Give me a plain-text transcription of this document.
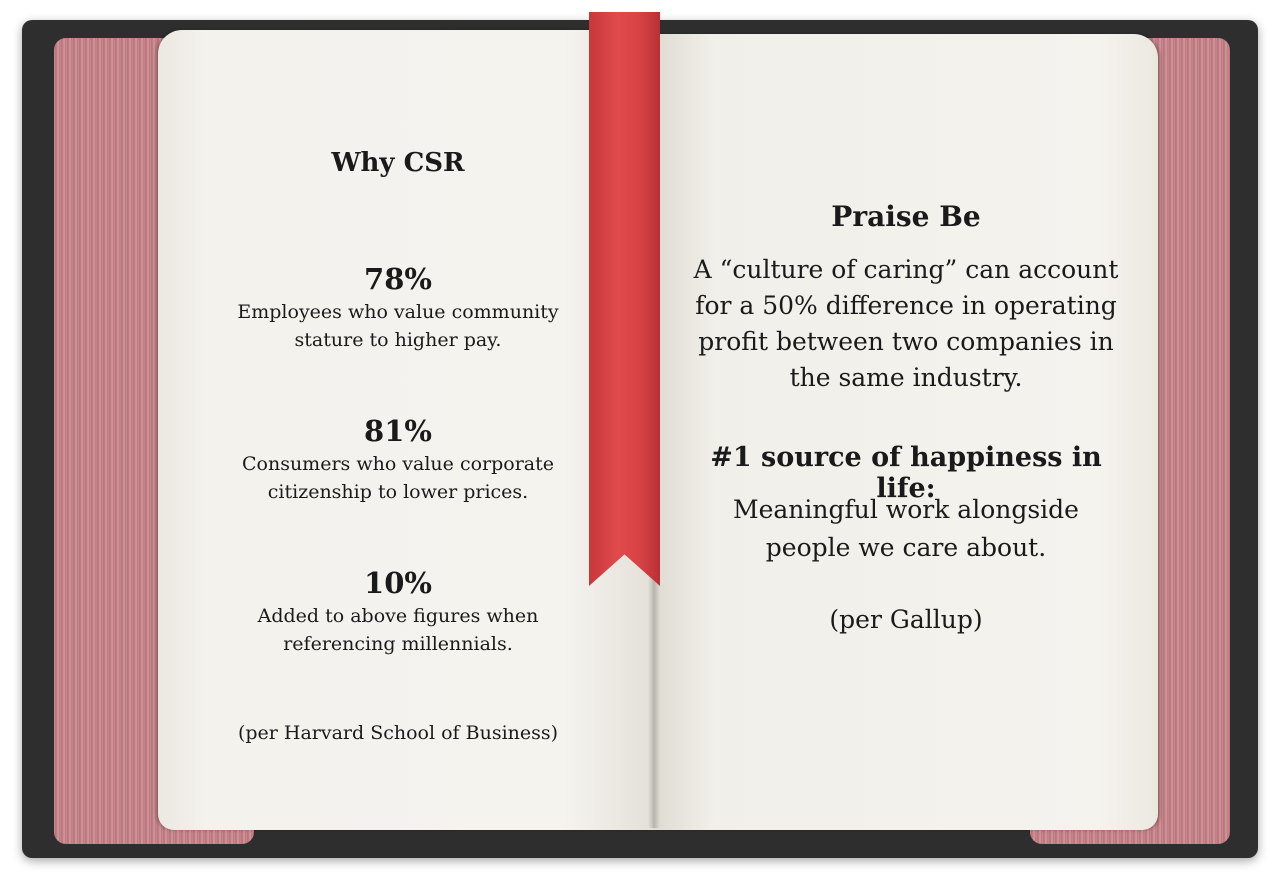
Why CSR
78%
Employees who value community
stature to higher pay.
81%
Consumers who value corporate
citizenship to lower prices.
10%
Added to above figures when
referencing millennials.
(per Harvard School of Business)
Praise Be
A “culture of caring” can account
for a 50% difference in operating
profit between two companies in
the same industry.
#1 source of happiness in life:
Meaningful work alongside
people we care about.
(per Gallup)
